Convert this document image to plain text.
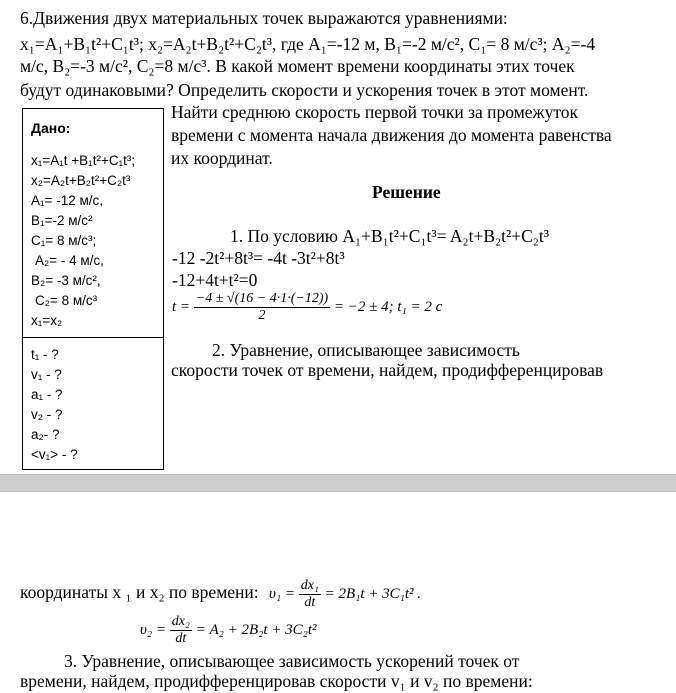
6.Движения двух материальных точек выражаются уравнениями:
x₁=A₁+B₁t²+C₁t³; x₂=A₂t+B₂t²+C₂t³, где A₁=-12 м, B₁=-2 м/с², C₁= 8 м/с³; A₂=-4
м/с, B₂=-3 м/с², C₂=8 м/с³. В какой момент времени координаты этих точек
будут одинаковыми? Определить скорости и ускорения точек в этот момент.
Найти среднюю скорость первой точки за промежуток
времени с момента начала движения до момента равенства
их координат.
Дано:
x₁=A₁t +B₁t²+C₁t³;
x₂=A₂t+B₂t²+C₂t³
A₁= -12 м/с,
B₁=-2 м/с²
C₁= 8 м/с³;
A₂= - 4 м/с,
B₂= -3 м/с²,
C₂= 8 м/с³
x₁=x₂
t₁ - ?
v₁ - ?
a₁ - ?
v₂ - ?
a₂- ?
<v₁> - ?
Решение
1. По условию A₁+B₁t²+C₁t³= A₂t+B₂t²+C₂t³
-12 -2t²+8t³= -4t -3t²+8t³
-12+4t+t²=0
$t = \frac{-4 \pm √(16 - 4\cdot 1\cdot(-12))}{2} = -2 \pm 4$; t₁ = 2 c
2. Уравнение, описывающее зависимость
скорости точек от времени, найдем, продифференцировав
координаты x ₁ и x₂ по времени: $\upsilon_1 = \frac{\text{dx₁}}{dt} = 2B_1t + 3C_1t^2$ .
$\upsilon_2 = \frac{\text{dx₂}}{dt} = A_2 + 2B_2t + 3C_2t^2$
3. Уравнение, описывающее зависимость ускорений точек от
времени, найдем, продифференцировав скорости v₁ и v₂ по времени:
